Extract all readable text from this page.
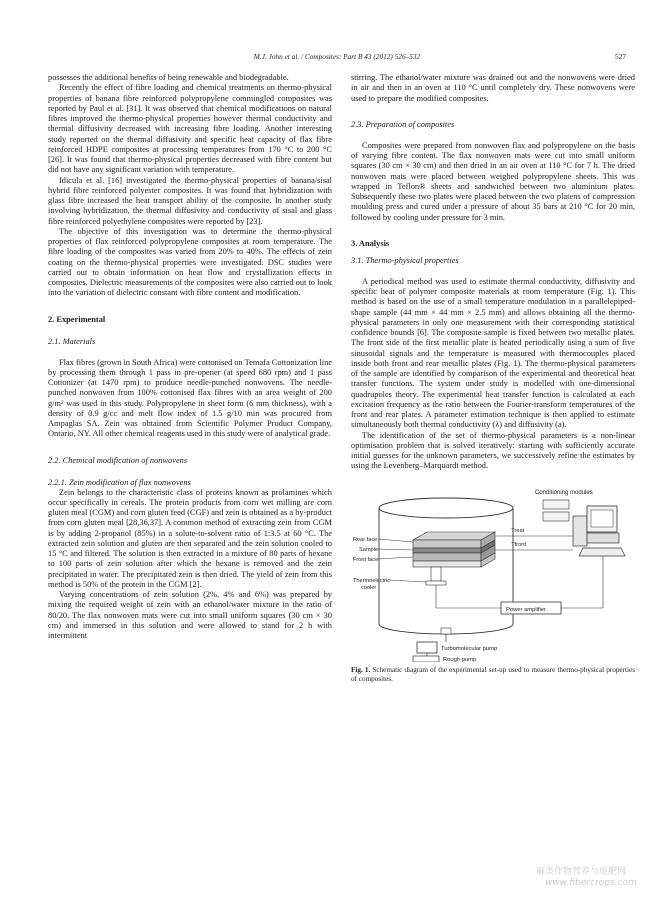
M.J. John et al. / Composites: Part B 43 (2012) 526–532	527

possesses the additional benefits of being renewable and biodegradable.

Recently the effect of fibre loading and chemical treatments on thermo-physical properties of banana fibre reinforced polypropylene commingled composites was reported by Paul et al. [31]. It was observed that chemical modifications on natural fibres improved the thermo-physical properties however thermal conductivity and thermal diffusivity decreased with increasing fibre loading. Another interesting study reported on the thermal diffusivity and specific heat capacity of flax fibre reinforced HDPE composites at processing temperatures from 170 °C to 200 °C [26]. It was found that thermo-physical properties decreased with fibre content but did not have any significant variation with temperature.

Idicula et al. [16] investigated the thermo-physical properties of banana/sisal hybrid fibre reinforced polyester composites. It was found that hybridization with glass fibre increased the heat transport ability of the composite. In another study involving hybridization, the thermal diffusivity and conductivity of sisal and glass fibre reinforced polyethylene composites were reported by [23].

The objective of this investigation was to determine the thermo-physical properties of flax reinforced polypropylene composites at room temperature. The fibre loading of the composites was varied from 20% to 40%. The effects of zein coating on the thermo-physical properties were investigated. DSC studies were carried out to obtain information on heat flow and crystallization effects in composites. Dielectric measurements of the composites were also carried out to look into the variation of dielectric constant with fibre content and modification.

2. Experimental
2.1. Materials

Flax fibres (grown in South Africa) were cottonised on Temafa Cottonization line by processing them through 1 pass in pre-opener (at speed 680 rpm) and 1 pass Cottonizer (at 1470 rpm) to produce needle-punched nonwovens. The needle-punched nonwoven from 100% cottonised flax fibres with an area weight of 200 g/m² was used in this study. Polypropylene in sheet form (6 mm thickness), with a density of 0.9 g/cc and melt flow index of 1.5 g/10 min was procured from Ampaglas SA. Zein was obtained from Scientific Polymer Product Company, Ontario, NY. All other chemical reagents used in this study were of analytical grade.

2.2. Chemical modification of nonwovens
2.2.1. Zein modification of flax nonwovens

Zein belongs to the characteristic class of proteins known as prolamines which occur specifically in cereals. The protein products from corn wet milling are corn gluten meal (CGM) and corn gluten feed (CGF) and zein is obtained as a by-product from corn gluten meal [28,36,37]. A common method of extracting zein from CGM is by adding 2-propanol (85%) in a solute-to-solvent ratio of 1:3.5 at 60 °C. The extracted zein solution and gluten are then separated and the zein solution cooled to 15 °C and filtered. The solution is then extracted in a mixture of 80 parts of hexane to 100 parts of zein solution after which the hexane is removed and the zein precipitated in water. The precipitated zein is then dried. The yield of zein from this method is 50% of the protein in the CGM [2].

Varying concentrations of zein solution (2%, 4% and 6%) was prepared by mixing the required weight of zein with an ethanol/water mixture in the ratio of 80/20. The flax nonwoven mats were cut into small uniform squares (30 cm × 30 cm) and immersed in this solution and were allowed to stand for 2 h with intermittent

stirring. The ethanol/water mixture was drained out and the nonwovens were dried in air and then in an oven at 110 °C until completely dry. These nonwovens were used to prepare the modified composites.

2.3. Preparation of composites

Composites were prepared from nonwoven flax and polypropylene on the basis of varying fibre content. The flax nonwoven mats were cut into small uniform squares (30 cm × 30 cm) and then dried in an air oven at 110 °C for 7 h. The dried nonwoven mats were placed between weighed polypropylene sheets. This was wrapped in Teflon® sheets and sandwiched between two aluminium plates. Subsequently these two plates were placed between the two platens of compression moulding press and cured under a pressure of about 35 bars at 210 °C for 20 min, followed by cooling under pressure for 3 min.

3. Analysis
3.1. Thermo-physical properties

A periodical method was used to estimate thermal conductivity, diffusivity and specific heat of polymer composite materials at room temperature (Fig. 1). This method is based on the use of a small temperature modulation in a parallelepiped-shape sample (44 mm × 44 mm × 2.5 mm) and allows obtaining all the thermo-physical parameters in only one measurement with their corresponding statistical confidence bounds [6]. The composite sample is fixed between two metallic plates. The front side of the first metallic plate is heated periodically using a sum of five sinusoidal signals and the temperature is measured with thermocouples placed inside both front and rear metallic plates (Fig. 1). The thermo-physical parameters of the sample are identified by comparison of the experimental and theoretical heat transfer functions. The system under study is modelled with one-dimensional quadrupoles theory. The experimental heat transfer function is calculated at each excitation frequency as the ratio between the Fourier-transform temperatures of the front and rear plates. A parameter estimation technique is then applied to estimate simultaneously both thermal conductivity (λ) and diffusivity (a).

The identification of the set of thermo-physical parameters is a non-linear optimisation problem that is solved iteratively: starting with sufficiently accurate initial guesses for the unknown parameters, we successively refine the estimates by using the Levenberg–Marquardt method.

Trear
Tfront
Rear face
Sample
Front face
Thermoelectric
cooler
Conditioning modules
Power amplifier
Turbomolecular pump
Rough pump

Fig. 1. Schematic diagram of the experimental set-up used to measure thermo-physical properties of composites.

麻类作物营养与施肥网
www.fibercrops.com
